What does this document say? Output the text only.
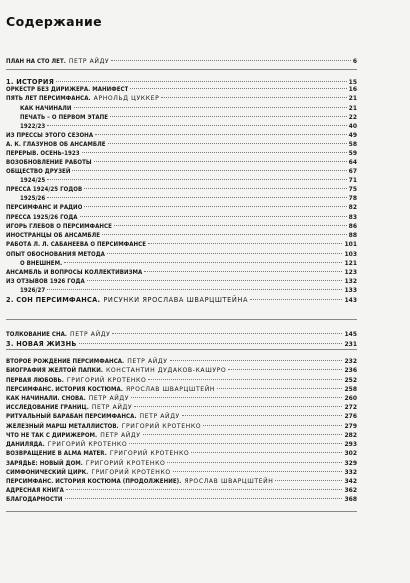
Содержание
ПЛАН НА СТО ЛЕТ. ПЕТР АЙДУ	6
1. ИСТОРИЯ	15
ОРКЕСТР БЕЗ ДИРИЖЕРА. МАНИФЕСТ	16
ПЯТЬ ЛЕТ ПЕРСИМФАНСА. АРНОЛЬД ЦУККЕР	21
КАК НАЧИНАЛИ	21
ПЕЧАТЬ – О ПЕРВОМ ЭТАПЕ	22
1922/23	40
ИЗ ПРЕССЫ ЭТОГО СЕЗОНА	49
А. К. ГЛАЗУНОВ ОБ АНСАМБЛЕ	58
ПЕРЕРЫВ. ОСЕНЬ-1923	59
ВОЗОБНОВЛЕНИЕ РАБОТЫ	64
ОБЩЕСТВО ДРУЗЕЙ	67
1924/25	71
ПРЕССА 1924/25 ГОДОВ	75
1925/26	78
ПЕРСИМФАНС И РАДИО	82
ПРЕССА 1925/26 ГОДА	83
ИГОРЬ ГЛЕБОВ О ПЕРСИМФАНСЕ	86
ИНОСТРАНЦЫ ОБ АНСАМБЛЕ	88
РАБОТА Л. Л. САБАНЕЕВА О ПЕРСИМФАНСЕ	101
ОПЫТ ОБОСНОВАНИЯ МЕТОДА	103
О ВНЕШНЕМ.	121
АНСАМБЛЬ И ВОПРОСЫ КОЛЛЕКТИВИЗМА	123
ИЗ ОТЗЫВОВ 1926 ГОДА	132
1926/27	133
2. СОН ПЕРСИМФАНСА. РИСУНКИ ЯРОСЛАВА ШВАРЦШТЕЙНА	143
ТОЛКОВАНИЕ СНА. ПЕТР АЙДУ	145
3. НОВАЯ ЖИЗНЬ	231
ВТОРОЕ РОЖДЕНИЕ ПЕРСИМФАНСА. ПЕТР АЙДУ	232
БИОГРАФИЯ ЖЕЛТОЙ ПАПКИ. КОНСТАНТИН ДУДАКОВ-КАШУРО	236
ПЕРВАЯ ЛЮБОВЬ. ГРИГОРИЙ КРОТЕНКО	252
ПЕРСИМФАНС. ИСТОРИЯ КОСТЮМА. ЯРОСЛАВ ШВАРЦШТЕЙН	258
КАК НАЧИНАЛИ. СНОВА. ПЕТР АЙДУ	260
ИССЛЕДОВАНИЕ ГРАНИЦ. ПЕТР АЙДУ	272
РИТУАЛЬНЫЙ БАРАБАН ПЕРСИМФАНСА. ПЕТР АЙДУ	276
ЖЕЛЕЗНЫЙ МАРШ МЕТАЛЛИСТОВ. ГРИГОРИЙ КРОТЕНКО	279
ЧТО НЕ ТАК С ДИРИЖЕРОМ. ПЕТР АЙДУ	282
ДАНИЛЯДА. ГРИГОРИЙ КРОТЕНКО	293
ВОЗВРАЩЕНИЕ В ALMA MATER. ГРИГОРИЙ КРОТЕНКО	302
ЗАРЯДЬЕ: НОВЫЙ ДОМ. ГРИГОРИЙ КРОТЕНКО	329
СИМФОНИЧЕСКИЙ ЦИРК. ГРИГОРИЙ КРОТЕНКО	332
ПЕРСИМФАНС. ИСТОРИЯ КОСТЮМА (ПРОДОЛЖЕНИЕ). ЯРОСЛАВ ШВАРЦШТЕЙН	342
АДРЕСНАЯ КНИГА	362
БЛАГОДАРНОСТИ	368
